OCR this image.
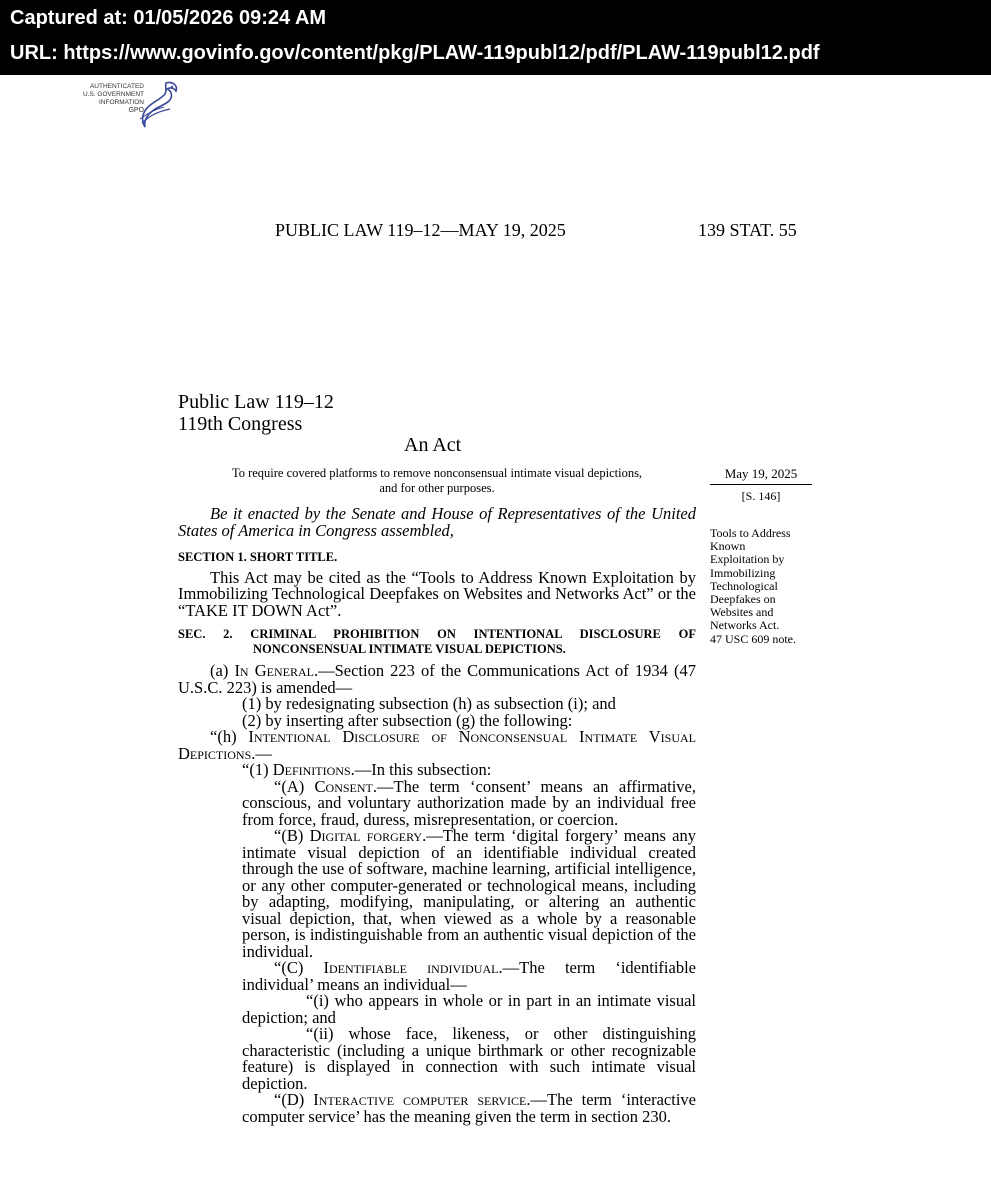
Captured at: 01/05/2026 09:24 AM
URL: https://www.govinfo.gov/content/pkg/PLAW-119publ12/pdf/PLAW-119publ12.pdf
AUTHENTICATED
U.S. GOVERNMENT
INFORMATION
GPO
PUBLIC LAW 119–12—MAY 19, 2025	139 STAT. 55
Public Law 119–12
119th Congress
An Act
To require covered platforms to remove nonconsensual intimate visual depictions,
and for other purposes.
May 19, 2025
[S. 146]
Tools to Address
Known
Exploitation by
Immobilizing
Technological
Deepfakes on
Websites and
Networks Act.
47 USC 609 note.

Be it enacted by the Senate and House of Representatives of the United States of America in Congress assembled,

SECTION 1. SHORT TITLE.

This Act may be cited as the “Tools to Address Known Exploitation by Immobilizing Technological Deepfakes on Websites and Networks Act” or the “TAKE IT DOWN Act”.

SEC. 2. CRIMINAL PROHIBITION ON INTENTIONAL DISCLOSURE OF NONCONSENSUAL INTIMATE VISUAL DEPICTIONS.

(a) In General.—Section 223 of the Communications Act of 1934 (47 U.S.C. 223) is amended—

(1) by redesignating subsection (h) as subsection (i); and

(2) by inserting after subsection (g) the following:

“(h) Intentional Disclosure of Nonconsensual Intimate Visual Depictions.—

“(1) Definitions.—In this subsection:

“(A) Consent.—The term ‘consent’ means an affirmative, conscious, and voluntary authorization made by an individual free from force, fraud, duress, misrepresentation, or coercion.

“(B) Digital forgery.—The term ‘digital forgery’ means any intimate visual depiction of an identifiable individual created through the use of software, machine learning, artificial intelligence, or any other computer-generated or technological means, including by adapting, modifying, manipulating, or altering an authentic visual depiction, that, when viewed as a whole by a reasonable person, is indistinguishable from an authentic visual depiction of the individual.

“(C) Identifiable individual.—The term ‘identifiable individual’ means an individual—

“(i) who appears in whole or in part in an intimate visual depiction; and

“(ii) whose face, likeness, or other distinguishing characteristic (including a unique birthmark or other recognizable feature) is displayed in connection with such intimate visual depiction.

“(D) Interactive computer service.—The term ‘interactive computer service’ has the meaning given the term in section 230.
